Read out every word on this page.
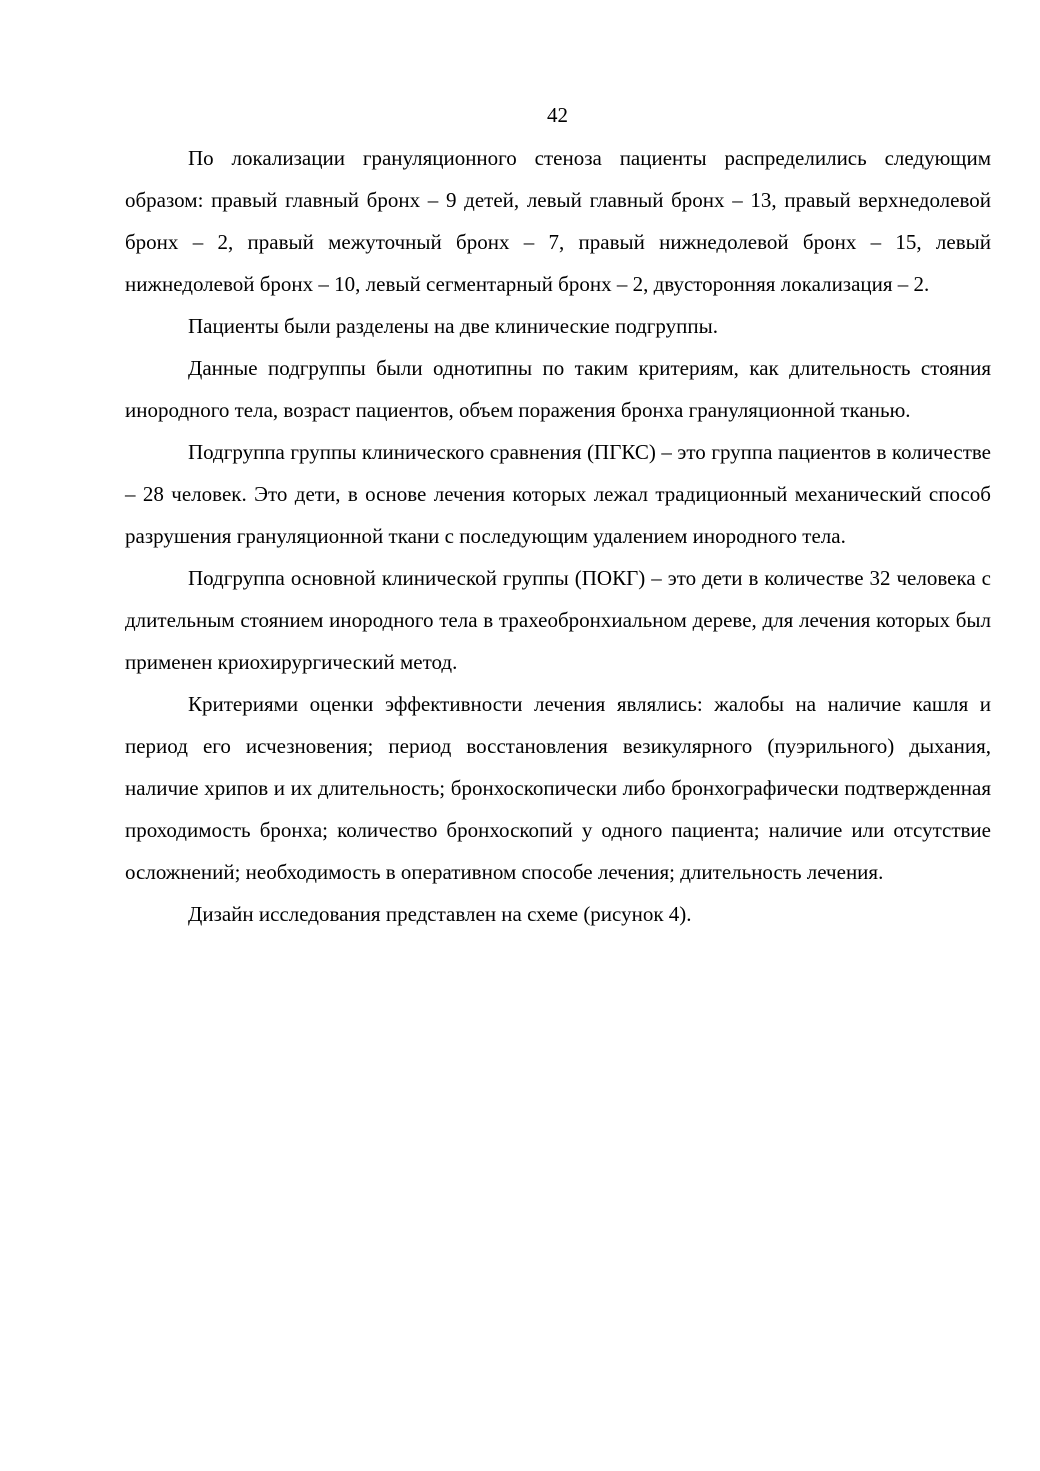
42

По локализации грануляционного стеноза пациенты распределились следующим образом: правый главный бронх – 9 детей, левый главный бронх – 13, правый верхнедолевой бронх – 2, правый межуточный бронх – 7, правый нижнедолевой бронх – 15, левый нижнедолевой бронх – 10, левый сегментарный бронх – 2, двусторонняя локализация – 2.

Пациенты были разделены на две клинические подгруппы.

Данные подгруппы были однотипны по таким критериям, как длительность стояния инородного тела, возраст пациентов, объем поражения бронха грануляционной тканью.

Подгруппа группы клинического сравнения (ПГКС) – это группа пациентов в количестве – 28 человек. Это дети, в основе лечения которых лежал традиционный механический способ разрушения грануляционной ткани с последующим удалением инородного тела.

Подгруппа основной клинической группы (ПОКГ) – это дети в количестве 32 человека с длительным стоянием инородного тела в трахеобронхиальном дереве, для лечения которых был применен криохирургический метод.

Критериями оценки эффективности лечения являлись: жалобы на наличие кашля и период его исчезновения; период восстановления везикулярного (пуэрильного) дыхания, наличие хрипов и их длительность; бронхоскопически либо бронхографически подтвержденная проходимость бронха; количество бронхоскопий у одного пациента; наличие или отсутствие осложнений; необходимость в оперативном способе лечения; длительность лечения.

Дизайн исследования представлен на схеме (рисунок 4).
